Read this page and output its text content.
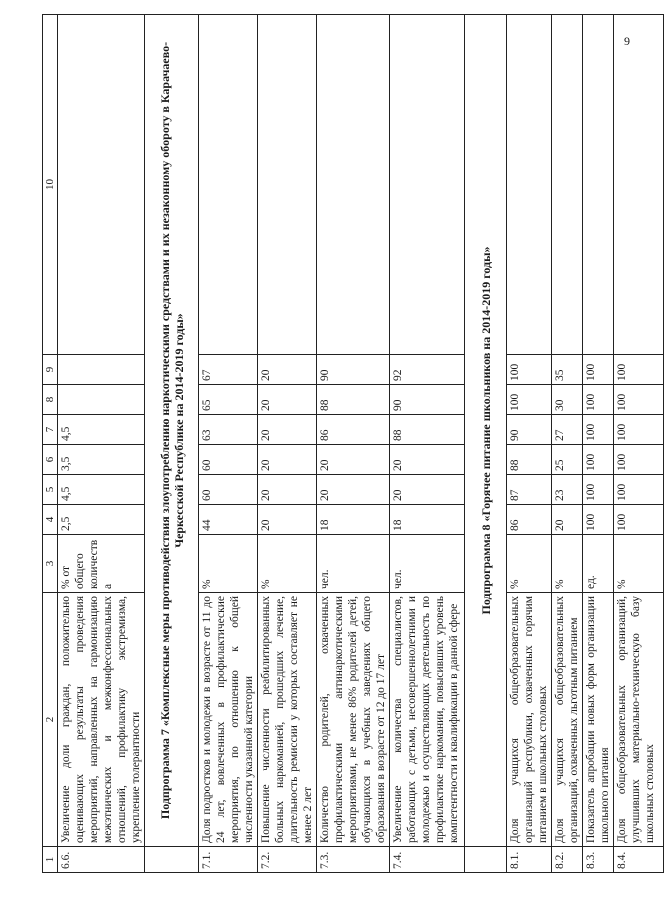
9
1	2	3	4	5	6	7	8	9	10
6.6.	Увеличение доли граждан, положительно оценивающих результаты проведения мероприятий, направленных на гармонизацию межэтнических и межконфессиональных отношений, профилактику экстремизма, укрепление толерантности	% от общего количества	2,5	4,5	3,5	4,5			
	Подпрограмма 7 «Комплексные меры противодействия злоупотреблению наркотическими средствами и их незаконному обороту в Карачаево-Черкесской Республике на 2014-2019 годы»								
7.1.	Доля подростков и молодежи в возрасте от 11 до 24 лет, вовлеченных в профилактические мероприятия, по отношению к общей численности указанной категории	%	44	60	60	63	65	67	
7.2.	Повышение численности реабилитированных больных наркоманией, прошедших лечение, длительность ремиссии у которых составляет не менее 2 лет	%	20	20	20	20	20	20	
7.3.	Количество родителей, охваченных профилактическими антинаркотическими мероприятиями, не менее 86% родителей детей, обучающихся в учебных заведениях общего образования в возрасте от 12 до 17 лет	чел.	18	20	20	86	88	90	
7.4.	Увеличение количества специалистов, работающих с детьми, несовершеннолетними и молодежью и осуществляющих деятельность по профилактике наркомании, повысивших уровень компетентности и квалификации в данной сфере	чел.	18	20	20	88	90	92	
	Подпрограмма 8 «Горячее питание школьников на 2014-2019 годы»								
8.1.	Доля учащихся общеобразовательных организаций республики, охваченных горячим питанием в школьных столовых	%	86	87	88	90	100	100	
8.2.	Доля учащихся общеобразовательных организаций, охваченных льготным питанием	%	20	23	25	27	30	35	
8.3.	Показатель апробации новых форм организации школьного питания	ед.	100	100	100	100	100	100	
8.4.	Доля общеобразовательных организаций, улучшивших материально-техническую базу школьных столовых	%	100	100	100	100	100	100	
